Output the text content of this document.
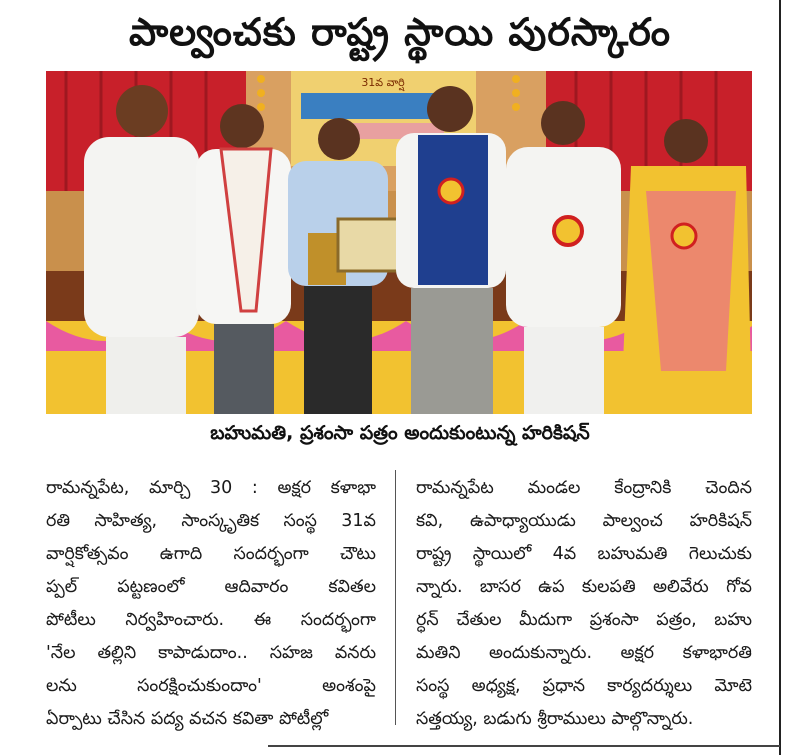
పాల్వంచకు రాష్ట్ర స్థాయి పురస్కారం
31వ వార్షి
బహుమతి, ప్రశంసా పత్రం అందుకుంటున్న హరికిషన్
రామన్నపేట, మార్చి 30 : అక్షర కళాభా
రతి సాహిత్య, సాంస్కృతిక సంస్థ 31వ
వార్షికోత్సవం ఉగాది సందర్భంగా చౌటు
ప్పల్ పట్టణంలో ఆదివారం కవితల
పోటీలు నిర్వహించారు. ఈ సందర్భంగా
'నేల తల్లిని కాపాడుదాం.. సహజ వనరు
లను సంరక్షించుకుందాం' అంశంపై
ఏర్పాటు చేసిన పద్య వచన కవితా పోటీల్లో
రామన్నపేట మండల కేంద్రానికి చెందిన
కవి, ఉపాధ్యాయుడు పాల్వంచ హరికిషన్
రాష్ట్ర స్థాయిలో 4వ బహుమతి గెలుచుకు
న్నారు. బాసర ఉప కులపతి అలివేరు గోవ
ర్ధన్ చేతుల మీదుగా ప్రశంసా పత్రం, బహు
మతిని అందుకున్నారు. అక్షర కళాభారతి
సంస్థ అధ్యక్ష, ప్రధాన కార్యదర్శులు మోటె
సత్తయ్య, బడుగు శ్రీరాములు పాల్గొన్నారు.
